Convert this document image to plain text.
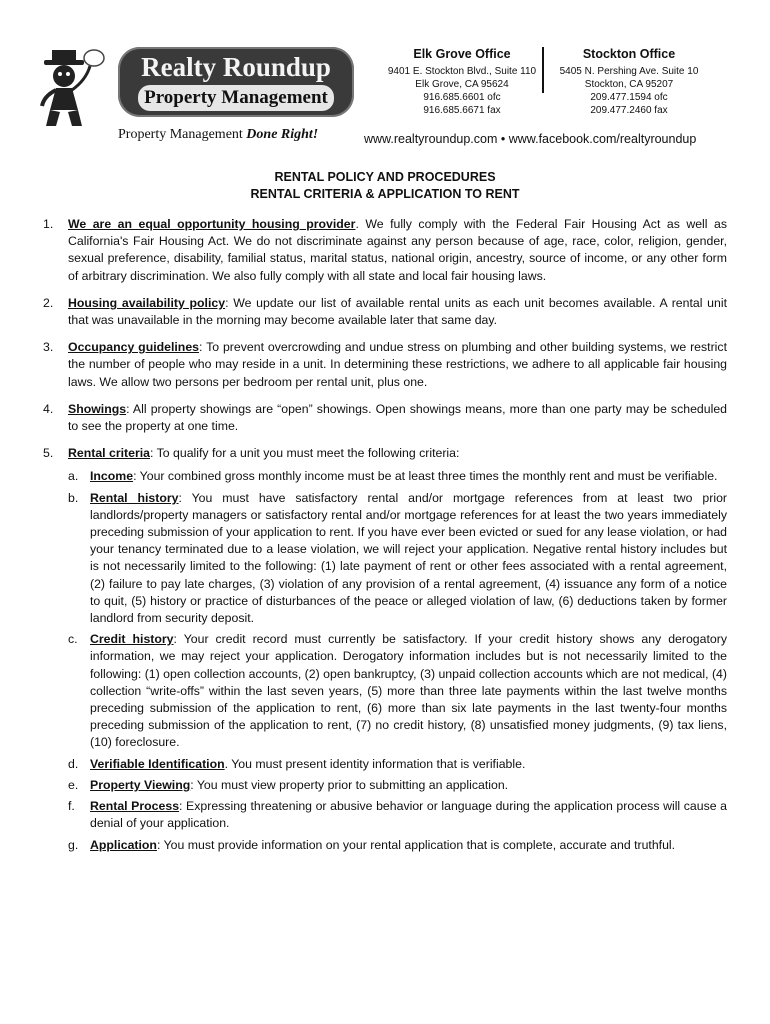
Realty Roundup
Property Management
Property Management Done Right!
Elk Grove Office
9401 E. Stockton Blvd., Suite 110
Elk Grove, CA 95624
916.685.6601 ofc
916.685.6671 fax
Stockton Office
5405 N. Pershing Ave. Suite 10
Stockton, CA 95207
209.477.1594 ofc
209.477.2460 fax
www.realtyroundup.com • www.facebook.com/realtyroundup
RENTAL POLICY AND PROCEDURES
RENTAL CRITERIA & APPLICATION TO RENT
1. We are an equal opportunity housing provider. We fully comply with the Federal Fair Housing Act as well as California's Fair Housing Act. We do not discriminate against any person because of age, race, color, religion, gender, sexual preference, disability, familial status, marital status, national origin, ancestry, source of income, or any other form of arbitrary discrimination. We also fully comply with all state and local fair housing laws.
2. Housing availability policy: We update our list of available rental units as each unit becomes available. A rental unit that was unavailable in the morning may become available later that same day.
3. Occupancy guidelines: To prevent overcrowding and undue stress on plumbing and other building systems, we restrict the number of people who may reside in a unit. In determining these restrictions, we adhere to all applicable fair housing laws. We allow two persons per bedroom per rental unit, plus one.
4. Showings: All property showings are “open” showings. Open showings means, more than one party may be scheduled to see the property at one time.
5. Rental criteria: To qualify for a unit you must meet the following criteria:
a. Income: Your combined gross monthly income must be at least three times the monthly rent and must be verifiable.
b. Rental history: You must have satisfactory rental and/or mortgage references from at least two prior landlords/property managers or satisfactory rental and/or mortgage references for at least the two years immediately preceding submission of your application to rent. If you have ever been evicted or sued for any lease violation, or had your tenancy terminated due to a lease violation, we will reject your application. Negative rental history includes but is not necessarily limited to the following: (1) late payment of rent or other fees associated with a rental agreement, (2) failure to pay late charges, (3) violation of any provision of a rental agreement, (4) issuance any form of a notice to quit, (5) history or practice of disturbances of the peace or alleged violation of law, (6) deductions taken by former landlord from security deposit.
c. Credit history: Your credit record must currently be satisfactory. If your credit history shows any derogatory information, we may reject your application. Derogatory information includes but is not necessarily limited to the following: (1) open collection accounts, (2) open bankruptcy, (3) unpaid collection accounts which are not medical, (4) collection “write-offs” within the last seven years, (5) more than three late payments within the last twelve months preceding submission of the application to rent, (6) more than six late payments in the last twenty-four months preceding submission of the application to rent, (7) no credit history, (8) unsatisfied money judgments, (9) tax liens, (10) foreclosure.
d. Verifiable Identification. You must present identity information that is verifiable.
e. Property Viewing: You must view property prior to submitting an application.
f. Rental Process: Expressing threatening or abusive behavior or language during the application process will cause a denial of your application.
g. Application: You must provide information on your rental application that is complete, accurate and truthful.
